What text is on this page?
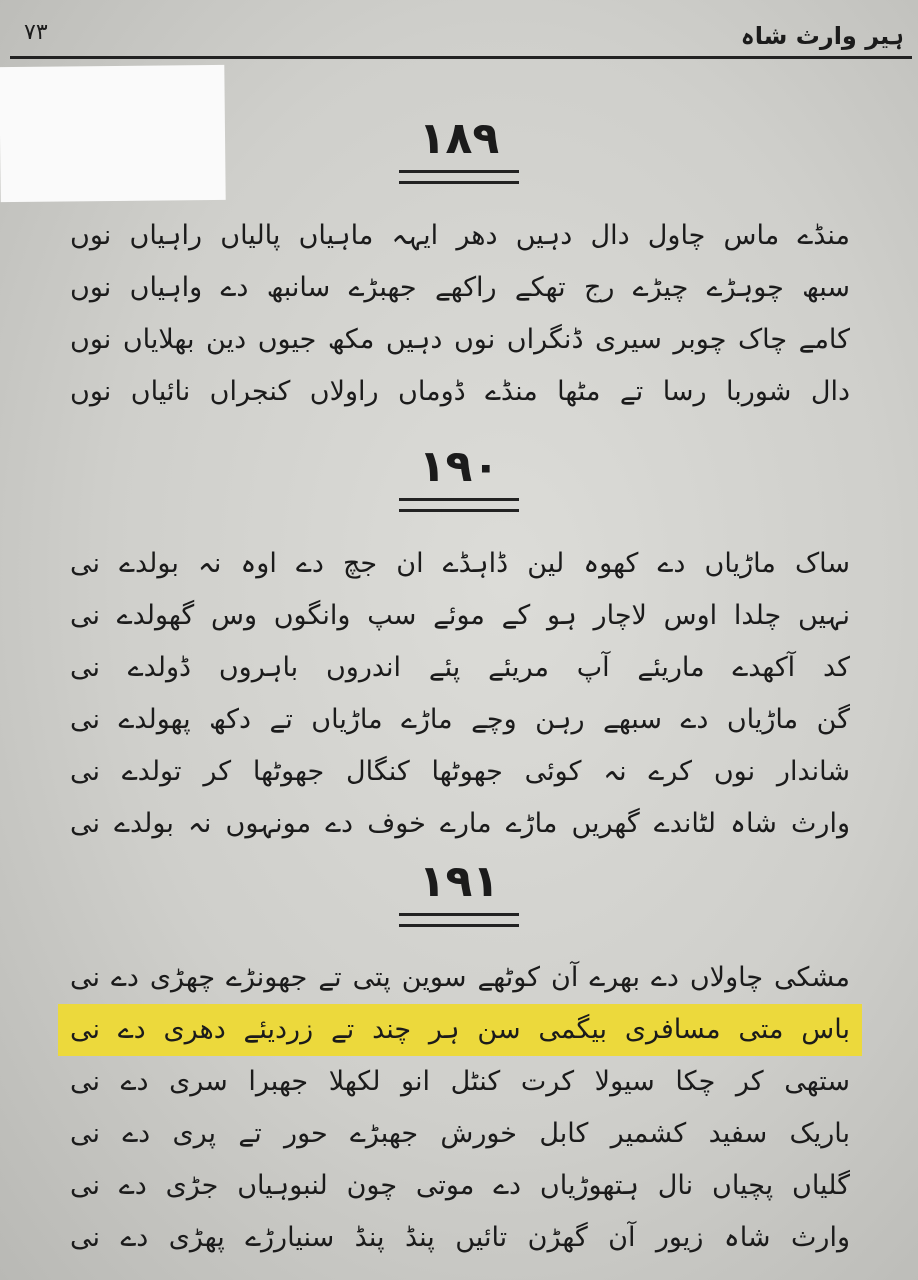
۷۳	ہیر وارث شاہ
١٨٩
منڈے ماس چاول دال دہیں دھر ایہہ ماہیاں پالیاں راہیاں نوں
سبھ چوہڑے چیڑے رج تھکے راکھے جھبڑے سانبھ دے واہیاں نوں
کامے چاک چوبر سیری ڈنگراں نوں دہیں مکھ جیوں دین بھلایاں نوں
دال شوربا رسا تے مٹھا منڈے ڈوماں راولاں کنجراں نائیاں نوں
١٩٠
ساک ماڑیاں دے کھوہ لین ڈاہڈے ان جچ دے اوہ نہ بولدے نی
نہیں چلدا اوس لاچار ہو کے موئے سپ وانگوں وس گھولدے نی
کد آکھدے ماریئے آپ مریئے پئے اندروں باہروں ڈولدے نی
گن ماڑیاں دے سبھے رہن وچے ماڑے ماڑیاں تے دکھ پھولدے نی
شاندار نوں کرے نہ کوئی جھوٹھا کنگال جھوٹھا کر تولدے نی
وارث شاہ لٹاندے گھریں ماڑے مارے خوف دے مونہوں نہ بولدے نی
١٩١
مشکی چاولاں دے بھرے آن کوٹھے سوین پتی تے جھونڑے چھڑی دے نی
باس متی مسافری بیگمی سن ہر چند تے زردیئے دھری دے نی
ستھی کر چکا سیولا کرت کنٹل انو لکھلا جھبرا سری دے نی
باریک سفید کشمیر کابل خورش جھبڑے حور تے پری دے نی
گلیاں پچیاں نال ہتھوڑیاں دے موتی چون لنبوہیاں جڑی دے نی
وارث شاہ زیور آن گھڑن تائیں پنڈ پنڈ سنیارڑے پھڑی دے نی
